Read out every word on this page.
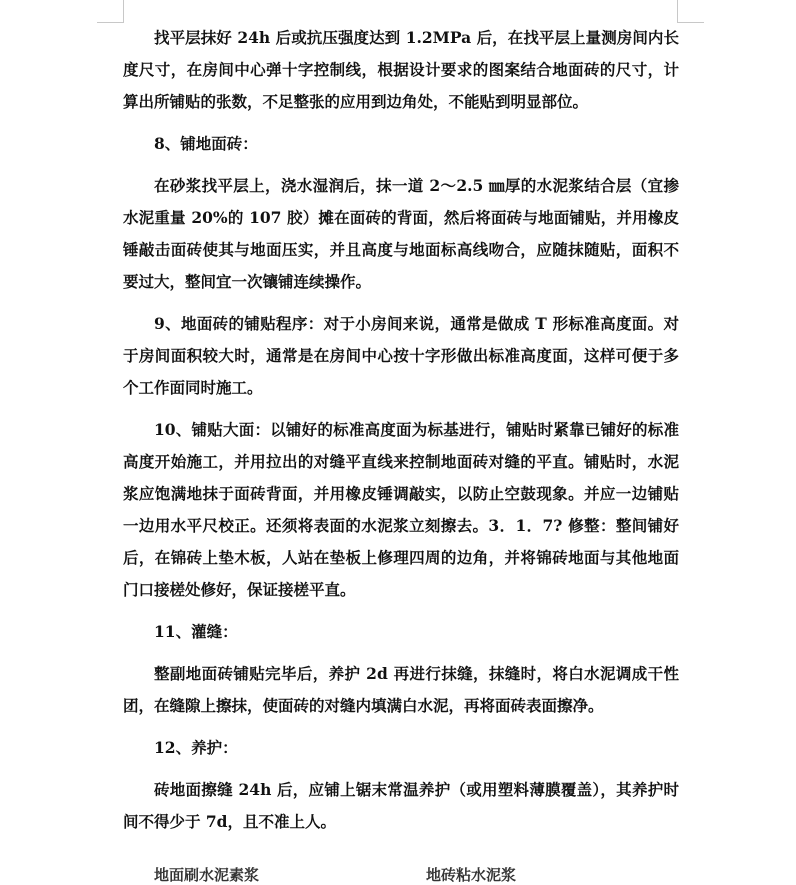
找平层抹好 24h 后或抗压强度达到 1.2MPa 后，在找平层上量测房间内长度尺寸，在房间中心弹十字控制线，根据设计要求的图案结合地面砖的尺寸，计算出所铺贴的张数，不足整张的应用到边角处，不能贴到明显部位。

8、铺地面砖：

在砂浆找平层上，浇水湿润后，抹一道 2～2.5 ㎜厚的水泥浆结合层（宜掺水泥重量 20%的 107 胶）摊在面砖的背面，然后将面砖与地面铺贴，并用橡皮锤敲击面砖使其与地面压实，并且高度与地面标高线吻合，应随抹随贴，面积不要过大，整间宜一次镶铺连续操作。

9、地面砖的铺贴程序：对于小房间来说，通常是做成 T 形标准高度面。对于房间面积较大时，通常是在房间中心按十字形做出标准高度面，这样可便于多个工作面同时施工。

10、铺贴大面：以铺好的标准高度面为标基进行，铺贴时紧靠已铺好的标准高度开始施工，并用拉出的对缝平直线来控制地面砖对缝的平直。铺贴时，水泥浆应饱满地抹于面砖背面，并用橡皮锤调敲实，以防止空鼓现象。并应一边铺贴一边用水平尺校正。还须将表面的水泥浆立刻擦去。3．1．7? 修整：整间铺好后，在锦砖上垫木板，人站在垫板上修理四周的边角，并将锦砖地面与其他地面门口接槎处修好，保证接槎平直。

11、灌缝：

整副地面砖铺贴完毕后，养护 2d 再进行抹缝，抹缝时，将白水泥调成干性团，在缝隙上擦抹，使面砖的对缝内填满白水泥，再将面砖表面擦净。

12、养护：

砖地面擦缝 24h 后，应铺上锯末常温养护（或用塑料薄膜覆盖），其养护时间不得少于 7d，且不准上人。

地面刷水泥素浆	地砖粘水泥浆
